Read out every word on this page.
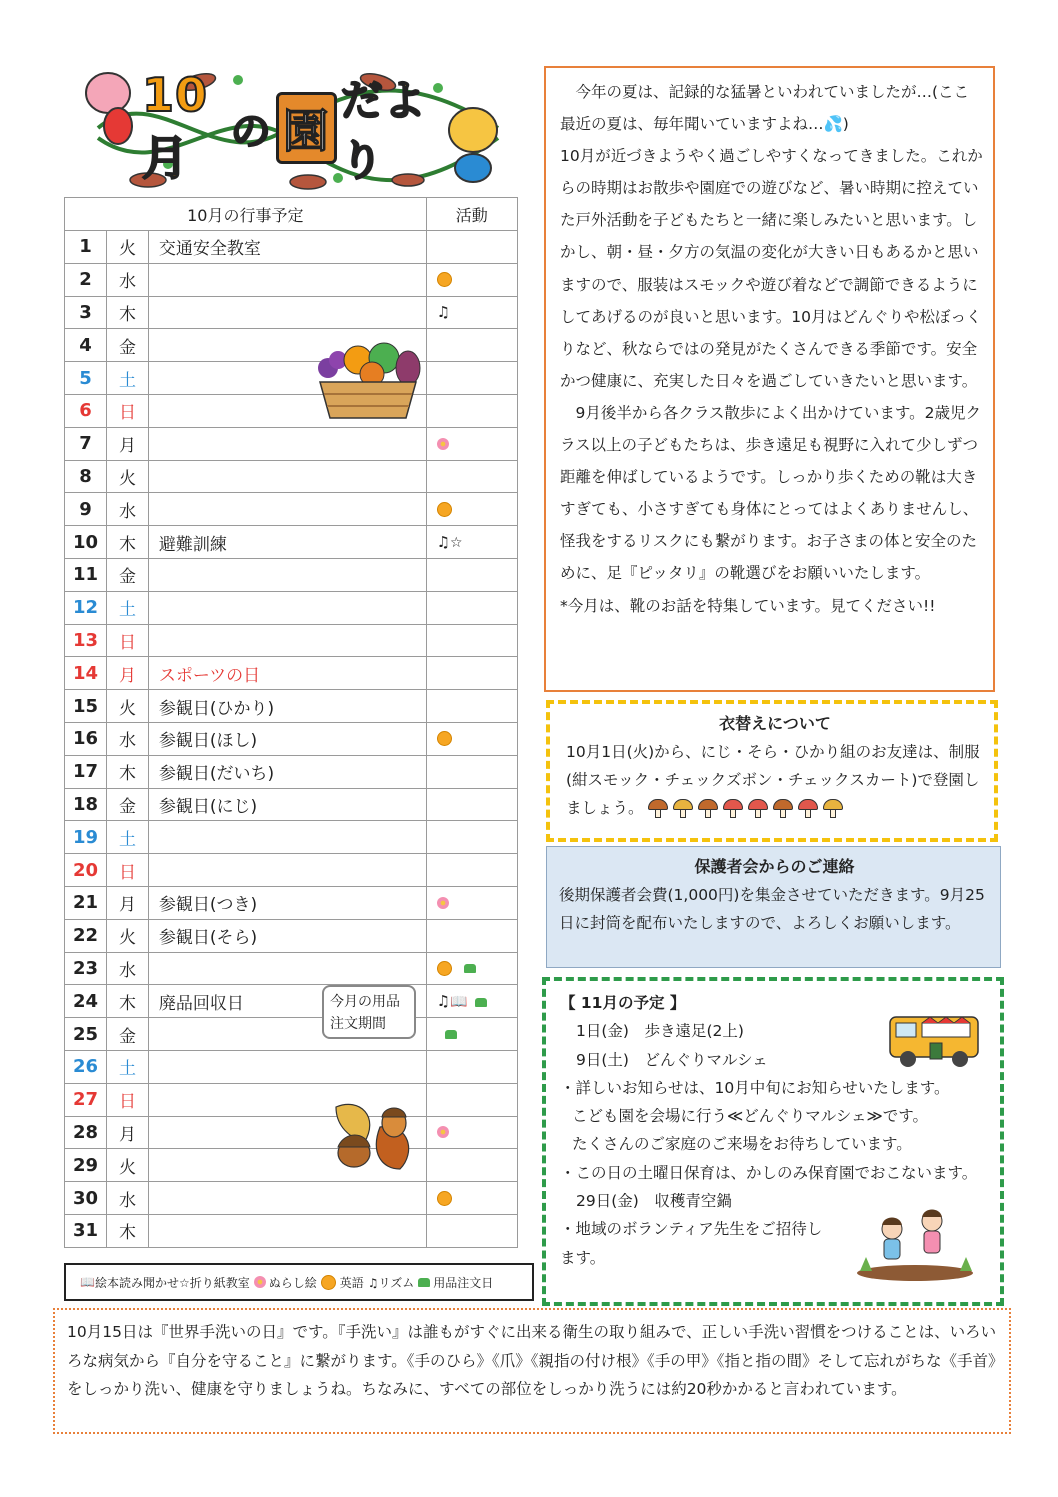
10月	の 園
だより
10月の行事予定			活動
1	火	交通安全教室	
2	水		
3	木		♫
4	金		
5	土		
6	日		
7	月		
8	火		
9	水		
10	木	避難訓練	♫☆
11	金		
12	土		
13	日		
14	月	スポーツの日	
15	火	参観日(ひかり)	
16	水	参観日(ほし)	
17	木	参観日(だいち)	
18	金	参観日(にじ)	
19	土		
20	日		
21	月	参観日(つき)	
22	火	参観日(そら)	
23	水		
24	木	廃品回収日	♫📖
25	金		
26	土		
27	日		
28	月		
29	火		
30	水		
31	木		
今月の用品注文期間
📖 絵本読み聞かせ ☆折り紙教室 ぬらし絵 英語 ♫リズム 用品注文日

今年の夏は、記録的な猛暑といわれていましたが…(ここ最近の夏は、毎年聞いていますよね…💦)

10月が近づきようやく過ごしやすくなってきました。これからの時期はお散歩や園庭での遊びなど、暑い時期に控えていた戸外活動を子どもたちと一緒に楽しみたいと思います。しかし、朝・昼・夕方の気温の変化が大きい日もあるかと思いますので、服装はスモックや遊び着などで調節できるようにしてあげるのが良いと思います。10月はどんぐりや松ぼっくりなど、秋ならではの発見がたくさんできる季節です。安全かつ健康に、充実した日々を過ごしていきたいと思います。

9月後半から各クラス散歩によく出かけています。2歳児クラス以上の子どもたちは、歩き遠足も視野に入れて少しずつ距離を伸ばしているようです。しっかり歩くための靴は大きすぎても、小さすぎても身体にとってはよくありませんし、怪我をするリスクにも繋がります。お子さまの体と安全のために、足『ピッタリ』の靴選びをお願いいたします。

*今月は、靴のお話を特集しています。見てください!!

衣替えについて
10月1日(火)から、にじ・そら・ひかり組のお友達は、制服(紺スモック・チェックズボン・チェックスカート)で登園しましょう。
保護者会からのご連絡
後期保護者会費(1,000円)を集金させていただきます。9月25日に封筒を配布いたしますので、よろしくお願いします。

【 11月の予定 】

1日(金)　歩き遠足(2上)

9日(土)　どんぐりマルシェ

・詳しいお知らせは、10月中旬にお知らせいたします。

こども園を会場に行う≪どんぐりマルシェ≫です。

たくさんのご家庭のご来場をお待ちしています。

・この日の土曜日保育は、かしのみ保育園でおこないます。

29日(金)　収穫青空鍋

・地域のボランティア先生をご招待します。

10月15日は『世界手洗いの日』です。『手洗い』は誰もがすぐに出来る衛生の取り組みで、正しい手洗い習慣をつけることは、いろいろな病気から『自分を守ること』に繋がります。《手のひら》《爪》《親指の付け根》《手の甲》《指と指の間》そして忘れがちな《手首》をしっかり洗い、健康を守りましょうね。ちなみに、すべての部位をしっかり洗うには約20秒かかると言われています。
